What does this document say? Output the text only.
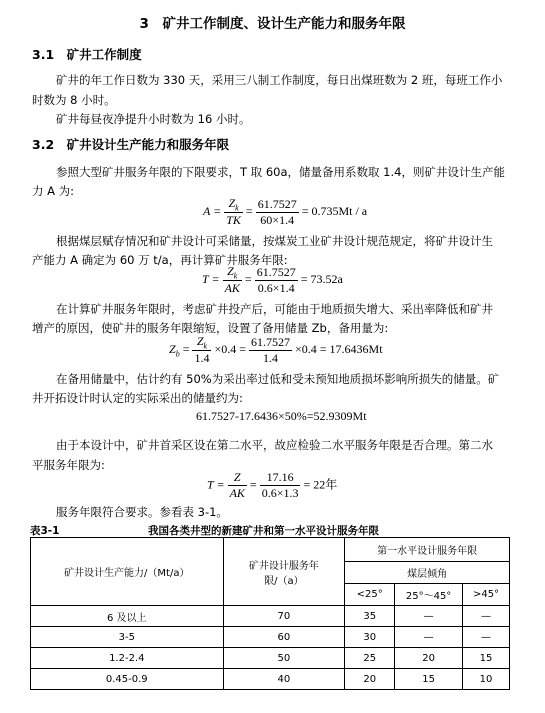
3　矿井工作制度、设计生产能力和服务年限
3.1　矿井工作制度
矿井的年工作日数为 330 天，采用三八制工作制度，每日出煤班数为 2 班，每班工作小
时数为 8 小时。
矿井每昼夜净提升小时数为 16 小时。
3.2　矿井设计生产能力和服务年限
参照大型矿井服务年限的下限要求，T 取 60a，储量备用系数取 1.4，则矿井设计生产能
力 A 为:
$A = \frac{Z_k}{TK} = \frac{61.7527}{60\times 1.4} = 0.735Mt / a$
根据煤层赋存情况和矿井设计可采储量，按煤炭工业矿井设计规范规定，将矿井设计生
产能力 A 确定为 60 万 t/a，再计算矿井服务年限:
$T = \frac{Z_k}{AK} = \frac{61.7527}{0.6\times 1.4} = 73.52a$
在计算矿井服务年限时，考虑矿井投产后，可能由于地质损失增大、采出率降低和矿井
增产的原因，使矿井的服务年限缩短，设置了备用储量 Zb，备用量为:
$Z_b = \frac{Z_k}{1.4} \times 0.4 = \frac{61.7527}{1.4} \times 0.4 = 17.6436Mt$
在备用储量中，估计约有 50%为采出率过低和受未预知地质损坏影响所损失的储量。矿
井开拓设计时认定的实际采出的储量约为:
61.7527-17.6436×50%=52.9309Mt
由于本设计中，矿井首采区设在第二水平，故应检验二水平服务年限是否合理。第二水
平服务年限为:
$T = \frac{Z}{AK} = \frac{17.16}{0.6\times 1.3} = 22$年
服务年限符合要求。参看表 3-1。
表3-1	我国各类井型的新建矿井和第一水平设计服务年限
矿井设计生产能力/（Mt/a）	矿井设计服务年
限/（a）	第一水平设计服务年限		
		煤层倾角		
		<25°	25°～45°	>45°
6 及以上	70	35	—	—
3-5	60	30	—	—
1.2-2.4	50	25	20	15
0.45-0.9	40	20	15	10
